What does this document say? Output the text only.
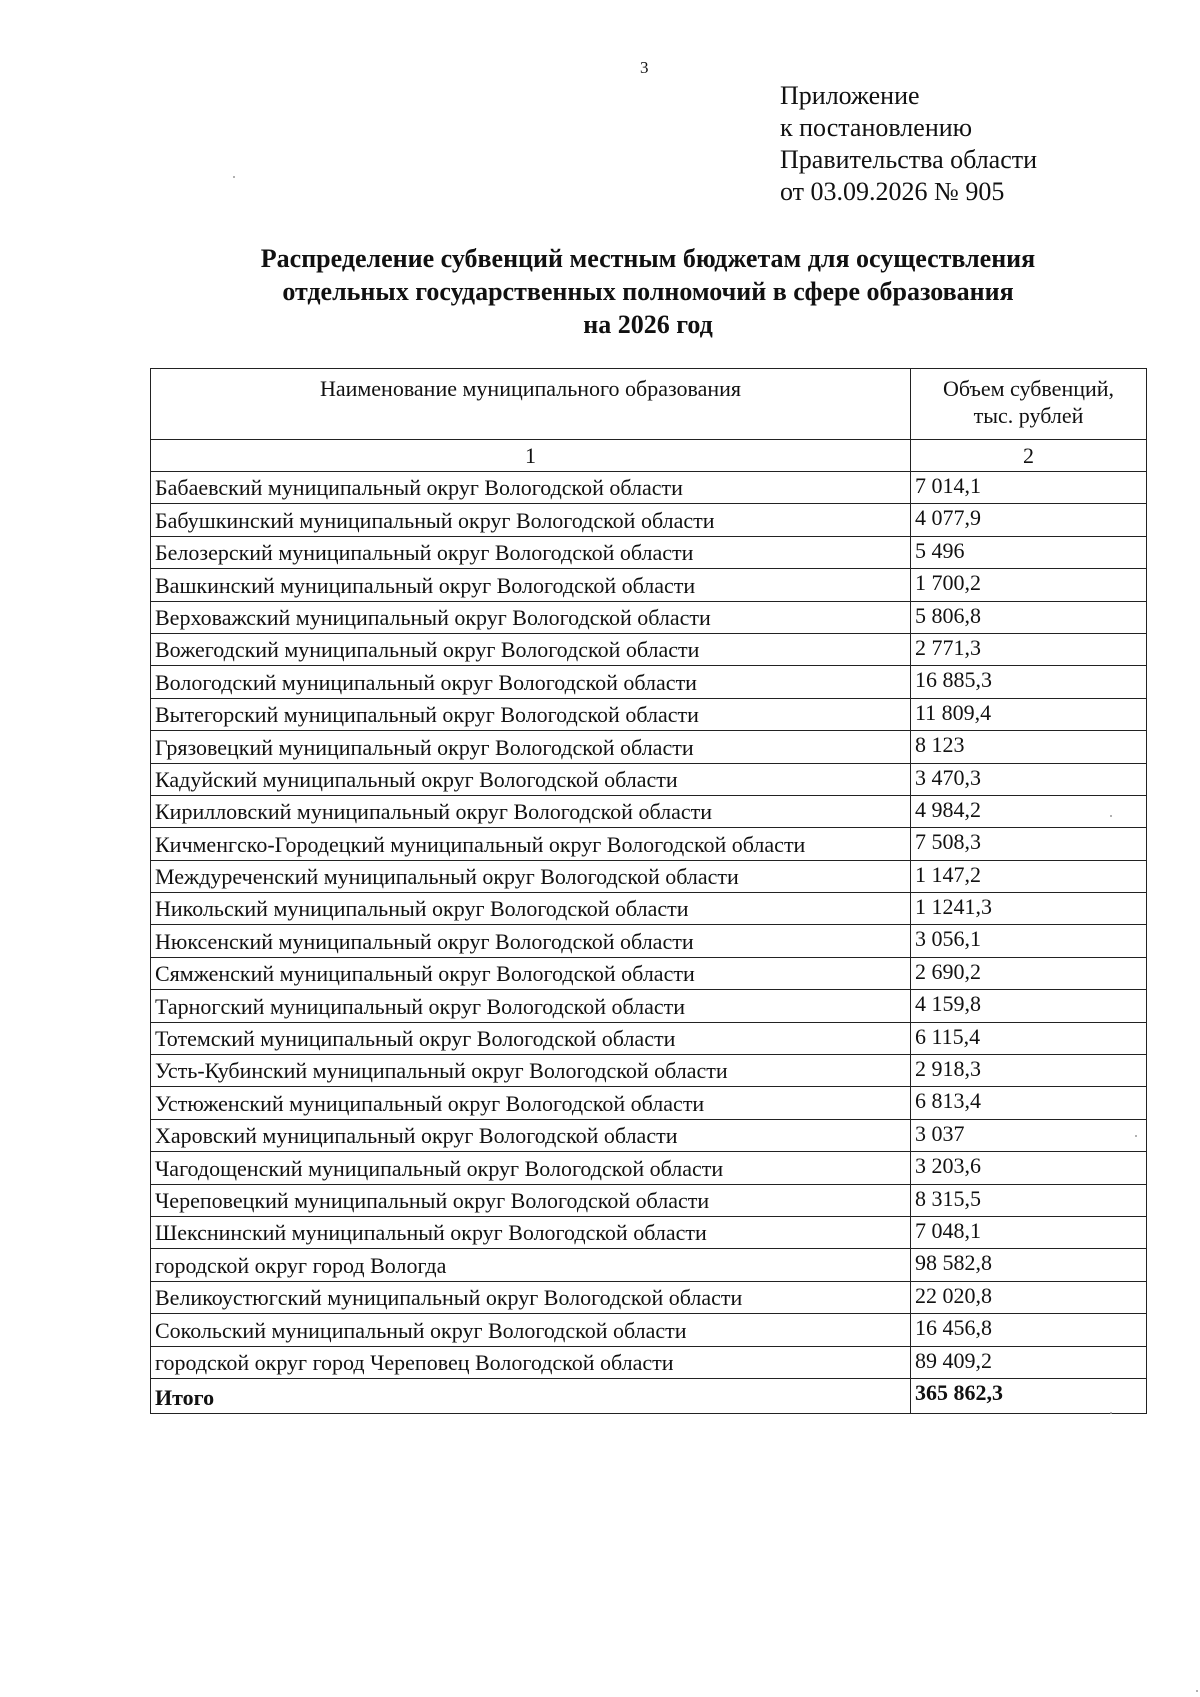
3
Приложение
к постановлению
Правительства области
от 03.09.2026 № 905
Распределение субвенций местным бюджетам для осуществления
отдельных государственных полномочий в сфере образования
на 2026 год
Наименование муниципального образования	Объем субвенций,
тыс. рублей

1	2
Бабаевский муниципальный округ Вологодской области	7 014,1
Бабушкинский муниципальный округ Вологодской области	4 077,9
Белозерский муниципальный округ Вологодской области	5 496
Вашкинский муниципальный округ Вологодской области	1 700,2
Верховажский муниципальный округ Вологодской области	5 806,8
Вожегодский муниципальный округ Вологодской области	2 771,3
Вологодский муниципальный округ Вологодской области	16 885,3
Вытегорский муниципальный округ Вологодской области	11 809,4
Грязовецкий муниципальный округ Вологодской области	8 123
Кадуйский муниципальный округ Вологодской области	3 470,3
Кирилловский муниципальный округ Вологодской области	4 984,2
Кичменгско-Городецкий муниципальный округ Вологодской области	7 508,3
Междуреченский муниципальный округ Вологодской области	1 147,2
Никольский муниципальный округ Вологодской области	1 1241,3
Нюксенский муниципальный округ Вологодской области	3 056,1
Сямженский муниципальный округ Вологодской области	2 690,2
Тарногский муниципальный округ Вологодской области	4 159,8
Тотемский муниципальный округ Вологодской области	6 115,4
Усть-Кубинский муниципальный округ Вологодской области	2 918,3
Устюженский муниципальный округ Вологодской области	6 813,4
Харовский муниципальный округ Вологодской области	3 037
Чагодощенский муниципальный округ Вологодской области	3 203,6
Череповецкий муниципальный округ Вологодской области	8 315,5
Шекснинский муниципальный округ Вологодской области	7 048,1
городской округ город Вологда	98 582,8
Великоустюгский муниципальный округ Вологодской области	22 020,8
Сокольский муниципальный округ Вологодской области	16 456,8
городской округ город Череповец Вологодской области	89 409,2
Итого	365 862,3
